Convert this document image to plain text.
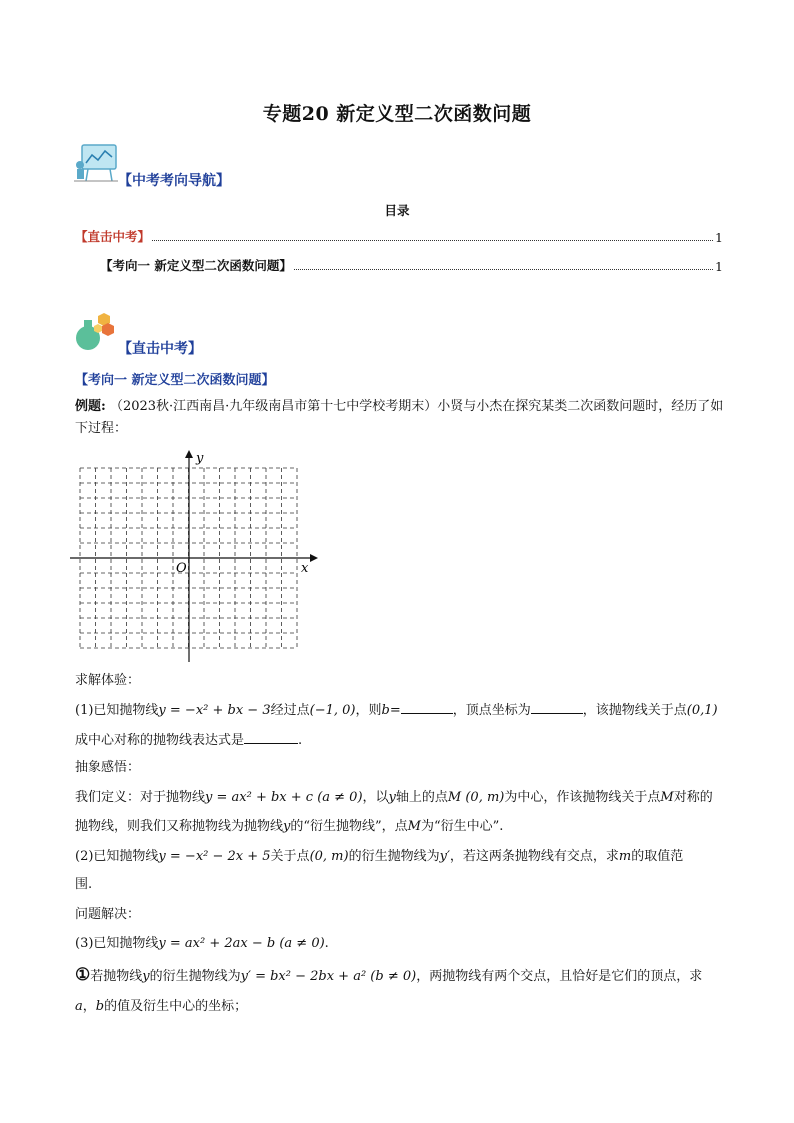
专题20 新定义型二次函数问题
【中考考向导航】
目录
【直击中考】	1
【考向一 新定义型二次函数问题】	1
【直击中考】
【考向一 新定义型二次函数问题】
例题: （2023秋·江西南昌·九年级南昌市第十七中学校考期末）小贤与小杰在探究某类二次函数问题时，经历了如下过程：
y
x
O
求解体验：
(1)已知抛物线y = −x² + bx − 3经过点(−1, 0)，则b=	，顶点坐标为	，该抛物线关于点(0,1)
成中心对称的抛物线表达式是	.
抽象感悟：
我们定义：对于抛物线y = ax² + bx + c (a ≠ 0)，以y轴上的点M (0, m)为中心，作该抛物线关于点M对称的
抛物线，则我们又称抛物线为抛物线y的“衍生抛物线”，点M为“衍生中心”.
(2)已知抛物线y = −x² − 2x + 5关于点(0, m)的衍生抛物线为y′，若这两条抛物线有交点，求m的取值范
围.
问题解决：
(3)已知抛物线y = ax² + 2ax − b (a ≠ 0).
①若抛物线y的衍生抛物线为y′ = bx² − 2bx + a² (b ≠ 0)，两抛物线有两个交点，且恰好是它们的顶点，求
a，b的值及衍生中心的坐标；
